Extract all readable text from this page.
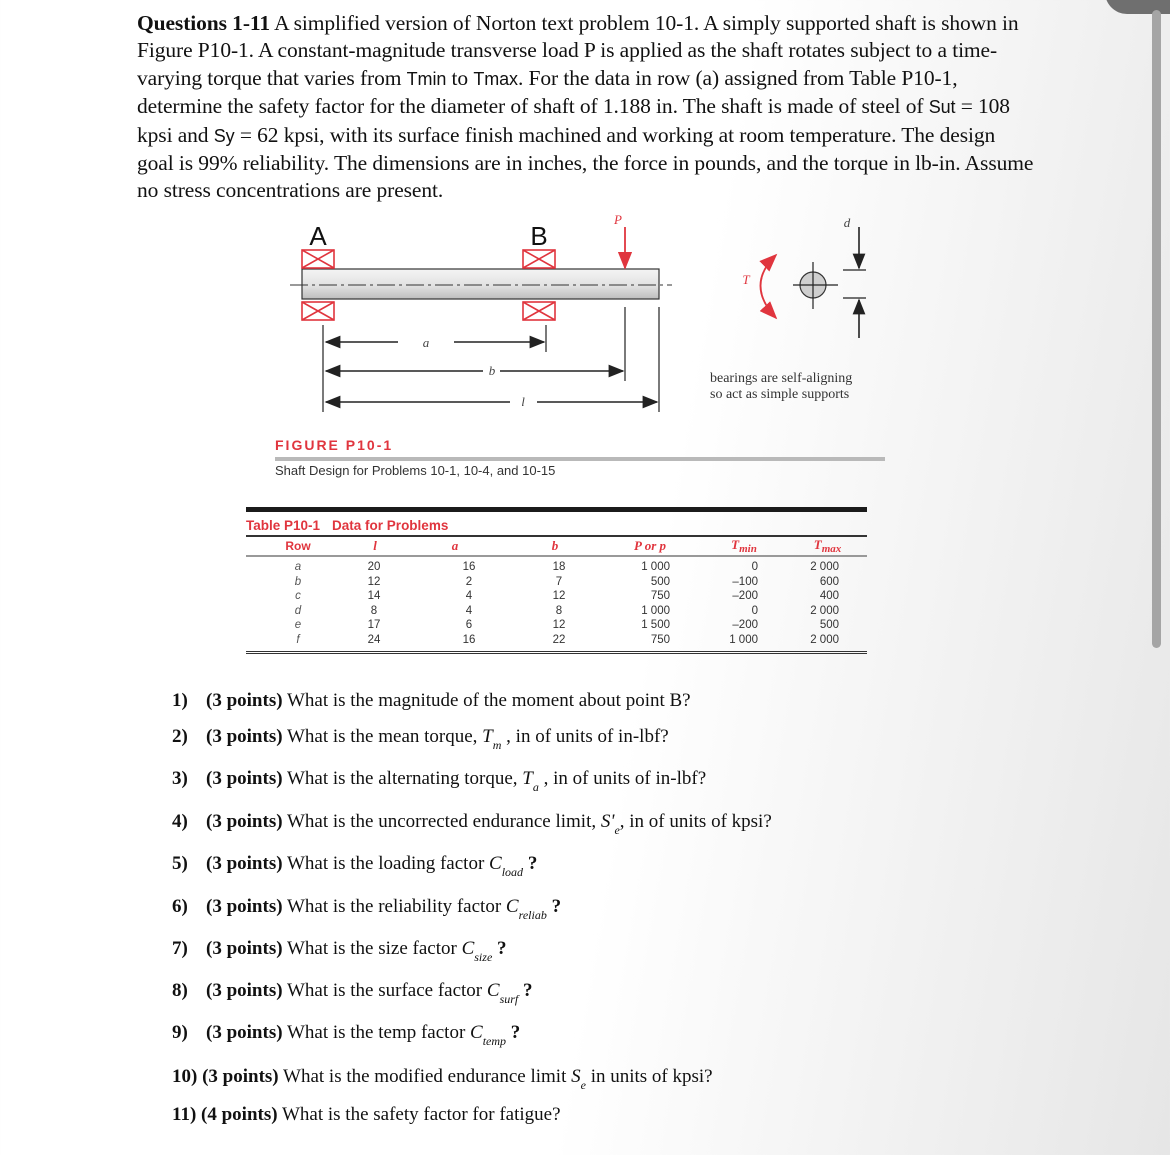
Questions 1-11 A simplified version of Norton text problem 10-1. A simply supported shaft is shown in Figure P10-1. A constant-magnitude transverse load P is applied as the shaft rotates subject to a time-varying torque that varies from Tmin to Tmax. For the data in row (a) assigned from Table P10-1, determine the safety factor for the diameter of shaft of 1.188 in. The shaft is made of steel of Sut = 108 kpsi and Sy = 62 kpsi, with its surface finish machined and working at room temperature. The design goal is 99% reliability. The dimensions are in inches, the force in pounds, and the torque in lb-in. Assume no stress concentrations are present.
A	B
P
a
b
l
d
T
bearings are self-aligning
so act as simple supports
FIGURE P10-1
Shaft Design for Problems 10-1, 10-4, and 10-15
Table P10-1 Data for Problems
Row	l	a	b	P or p	$T_{min}$	$T_{max}$
a	20	16	18	1 000	0	2 000
b	12	2	7	500	–100	600
c	14	4	12	750	–200	400
d	8	4	8	1 000	0	2 000
e	17	6	12	1 500	–200	500
f	24	16	22	750	1 000	2 000
1) (3 points) What is the magnitude of the moment about point B?
2) (3 points) What is the mean torque, $T_m$ , in of units of in-lbf?
3) (3 points) What is the alternating torque, $T_a$ , in of units of in-lbf?
4) (3 points) What is the uncorrected endurance limit, $S'_e$, in of units of kpsi?
5) (3 points) What is the loading factor $C_{load}$ ?
6) (3 points) What is the reliability factor $C_{reliab}$ ?
7) (3 points) What is the size factor $C_{size}$ ?
8) (3 points) What is the surface factor $C_{surf}$ ?
9) (3 points) What is the temp factor $C_{temp}$ ?
10) (3 points) What is the modified endurance limit $S_e$ in units of kpsi?
11) (4 points) What is the safety factor for fatigue?
